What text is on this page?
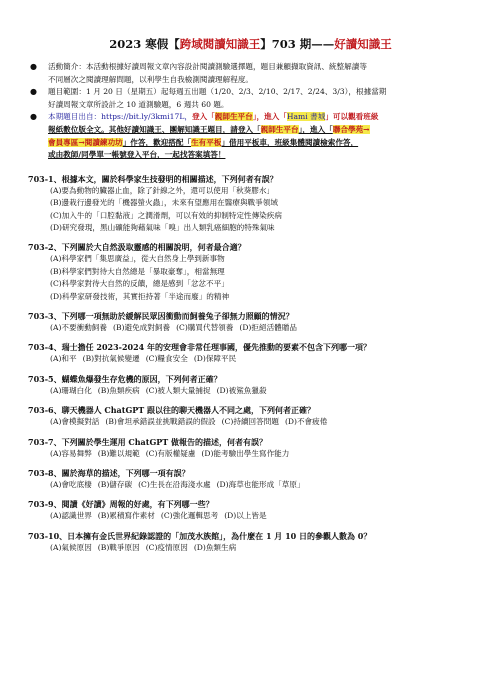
2023 寒假【跨域閱讀知識王】703 期——好讀知識王
● 活動簡介：本活動根據好讀周報文章內容設計閱讀測驗選擇題，題目兼顧擷取資訊、統整解讀等
不同層次之閱讀理解問題，以利學生自我檢測閱讀理解程度。
● 題目範圍：1 月 20 日（星期五）起每週五出題（1/20、2/3、2/10、2/17、2/24、3/3），根據當期
好讀周報文章所設計之 10 道測驗題，6 週共 60 題。
● 本期題目出自：https://bit.ly/3kmi17L，登入「親師生平台」，進入「Hami 書城」可以觀看班級
報紙數位版全文。其他好讀知識王、團解知識王題目，請登入「親師生平台」，進入「聯合學苑→
會員專區→閱讀練功坊」作答，歡迎搭配「生有平板」借用平板車，班級集體閱讀檢索作答，
或由教師/同學單一帳號登入平台，一起找答案填答！
703-1、根據本文，關於科學家生技發明的相關描述，下列何者有誤？
(A)要為動物的臟器止血，除了針線之外，還可以使用「秋葵膠水」
(B)邊栽行邊發光的「機器螢火蟲」，未來有望應用在醫療與戰爭領域
(C)加入牛的「口腔黏液」之潤滑劑，可以有效的抑制特定性傳染疾病
(D)研究發現，黑山礦能夠藉氣味「嗅」出人類乳癌細胞的特殊氣味
703-2、下列關於大自然汲取靈感的相關說明，何者最合適？
(A)科學家們「集思廣益」，從大自然身上學到新事物
(B)科學家們對待大自然總是「暴取豪奪」，相當無理
(C)科學家對待大自然的反饋，總是感到「忿忿不平」
(D)科學家研發技術，其實拒持著「半途而廢」的精神
703-3、下列哪一項無助於緩解民眾因衝動而飼養兔子卻無力照顧的情況？
(A)不要衝動飼養 (B)避免成對飼養 (C)購買代替領養 (D)拒絕活體贈品
703-4、瑞士擔任 2023-2024 年的安理會非常任理事國，優先推動的要素不包含下列哪一項？
(A)和平 (B)對抗氣候變遷 (C)糧食安全 (D)保障平民
703-5、蝴蝶魚爆發生存危機的原因，下列何者正確？
(A)珊瑚白化 (B)魚類疾病 (C)被人類大量捕捉 (D)被鯊魚獵殺
703-6、聊天機器人 ChatGPT 跟以往的聊天機器人不同之處，下列何者正確？
(A)會模擬對話 (B)會坦承錯誤並挑戰錯誤的假設 (C)持續回答問題 (D)不會疲倦
703-7、下列關於學生運用 ChatGPT 做報告的描述，何者有誤？
(A)容易舞弊 (B)難以規範 (C)有版權疑慮 (D)能考驗出學生寫作能力
703-8、關於海草的描述，下列哪一項有誤？
(A)會吃底棲 (B)儲存碳 (C)生長在沿海淺水處 (D)海草也能形成「草原」
703-9、閱讀《好讀》周報的好處，有下列哪一些？
(A)認識世界 (B)累積寫作素材 (C)強化邏輯思考 (D)以上皆是
703-10、日本擁有金氏世界紀錄認證的「加茂水族館」，為什麼在 1 月 10 日的參觀人數為 0？
(A)氣候原因 (B)戰爭原因 (C)疫情原因 (D)魚類生病
